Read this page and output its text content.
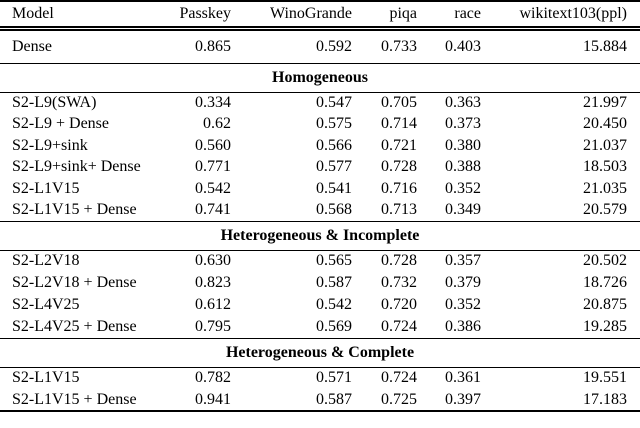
Model	Passkey	WinoGrande	piqa	race	wikitext103(ppl)
Dense	0.865	0.592	0.733	0.403	15.884
Homogeneous					
S2-L9(SWA)	0.334	0.547	0.705	0.363	21.997
S2-L9 + Dense	0.62	0.575	0.714	0.373	20.450
S2-L9+sink	0.560	0.566	0.721	0.380	21.037
S2-L9+sink+ Dense	0.771	0.577	0.728	0.388	18.503
S2-L1V15	0.542	0.541	0.716	0.352	21.035
S2-L1V15 + Dense	0.741	0.568	0.713	0.349	20.579
Heterogeneous & Incomplete					
S2-L2V18	0.630	0.565	0.728	0.357	20.502
S2-L2V18 + Dense	0.823	0.587	0.732	0.379	18.726
S2-L4V25	0.612	0.542	0.720	0.352	20.875
S2-L4V25 + Dense	0.795	0.569	0.724	0.386	19.285
Heterogeneous & Complete					
S2-L1V15	0.782	0.571	0.724	0.361	19.551
S2-L1V15 + Dense	0.941	0.587	0.725	0.397	17.183
